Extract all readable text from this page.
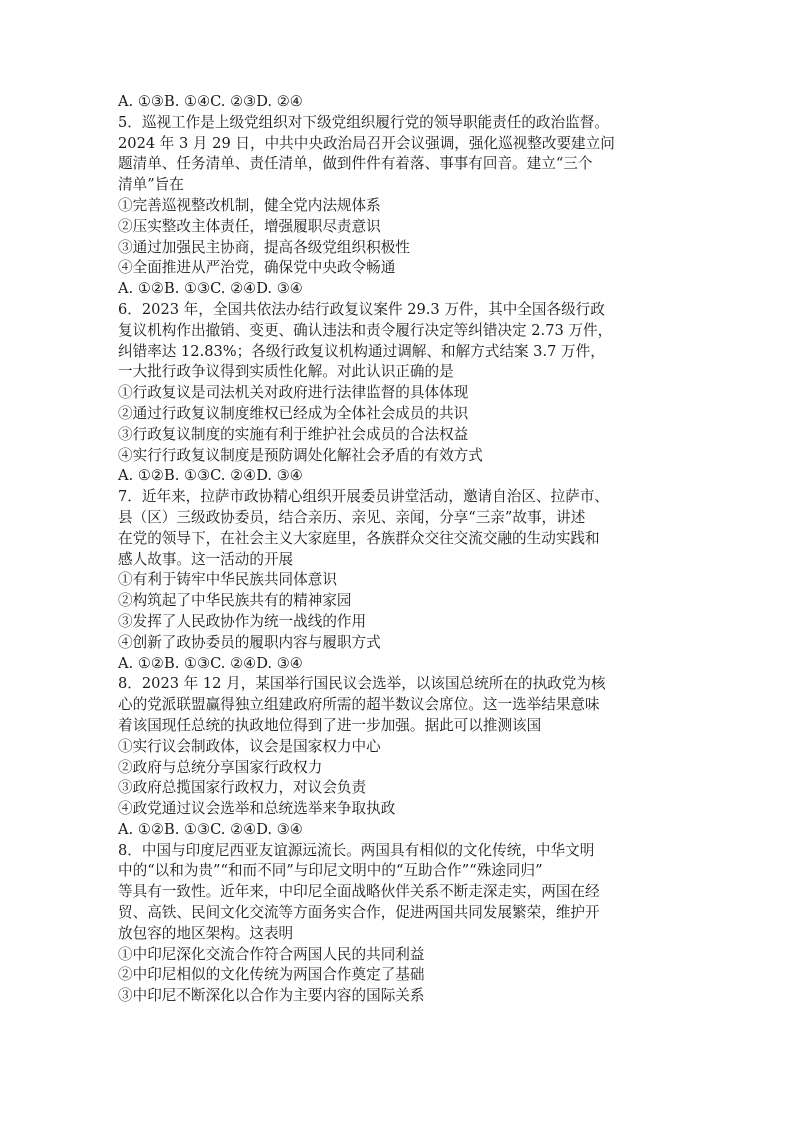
A. ①③B. ①④C. ②③D. ②④
5．巡视工作是上级党组织对下级党组织履行党的领导职能责任的政治监督。
2024 年 3 月 29 日，中共中央政治局召开会议强调，强化巡视整改要建立问
题清单、任务清单、责任清单，做到件件有着落、事事有回音。建立“三个
清单”旨在
①完善巡视整改机制，健全党内法规体系
②压实整改主体责任，增强履职尽责意识
③通过加强民主协商，提高各级党组织积极性
④全面推进从严治党，确保党中央政令畅通
A. ①②B. ①③C. ②④D. ③④
6．2023 年，全国共依法办结行政复议案件 29.3 万件，其中全国各级行政
复议机构作出撤销、变更、确认违法和责令履行决定等纠错决定 2.73 万件，
纠错率达 12.83%；各级行政复议机构通过调解、和解方式结案 3.7 万件，
一大批行政争议得到实质性化解。对此认识正确的是
①行政复议是司法机关对政府进行法律监督的具体体现
②通过行政复议制度维权已经成为全体社会成员的共识
③行政复议制度的实施有利于维护社会成员的合法权益
④实行行政复议制度是预防调处化解社会矛盾的有效方式
A. ①②B. ①③C. ②④D. ③④
7．近年来，拉萨市政协精心组织开展委员讲堂活动，邀请自治区、拉萨市、
县（区）三级政协委员，结合亲历、亲见、亲闻，分享“三亲”故事，讲述
在党的领导下，在社会主义大家庭里，各族群众交往交流交融的生动实践和
感人故事。这一活动的开展
①有利于铸牢中华民族共同体意识
②构筑起了中华民族共有的精神家园
③发挥了人民政协作为统一战线的作用
④创新了政协委员的履职内容与履职方式
A. ①②B. ①③C. ②④D. ③④
8．2023 年 12 月，某国举行国民议会选举，以该国总统所在的执政党为核
心的党派联盟赢得独立组建政府所需的超半数议会席位。这一选举结果意味
着该国现任总统的执政地位得到了进一步加强。据此可以推测该国
①实行议会制政体，议会是国家权力中心
②政府与总统分享国家行政权力
③政府总揽国家行政权力，对议会负责
④政党通过议会选举和总统选举来争取执政
A. ①②B. ①③C. ②④D. ③④
8．中国与印度尼西亚友谊源远流长。两国具有相似的文化传统，中华文明
中的“以和为贵”“和而不同”与印尼文明中的“互助合作”“殊途同归”
等具有一致性。近年来，中印尼全面战略伙伴关系不断走深走实，两国在经
贸、高铁、民间文化交流等方面务实合作，促进两国共同发展繁荣，维护开
放包容的地区架构。这表明
①中印尼深化交流合作符合两国人民的共同利益
②中印尼相似的文化传统为两国合作奠定了基础
③中印尼不断深化以合作为主要内容的国际关系
